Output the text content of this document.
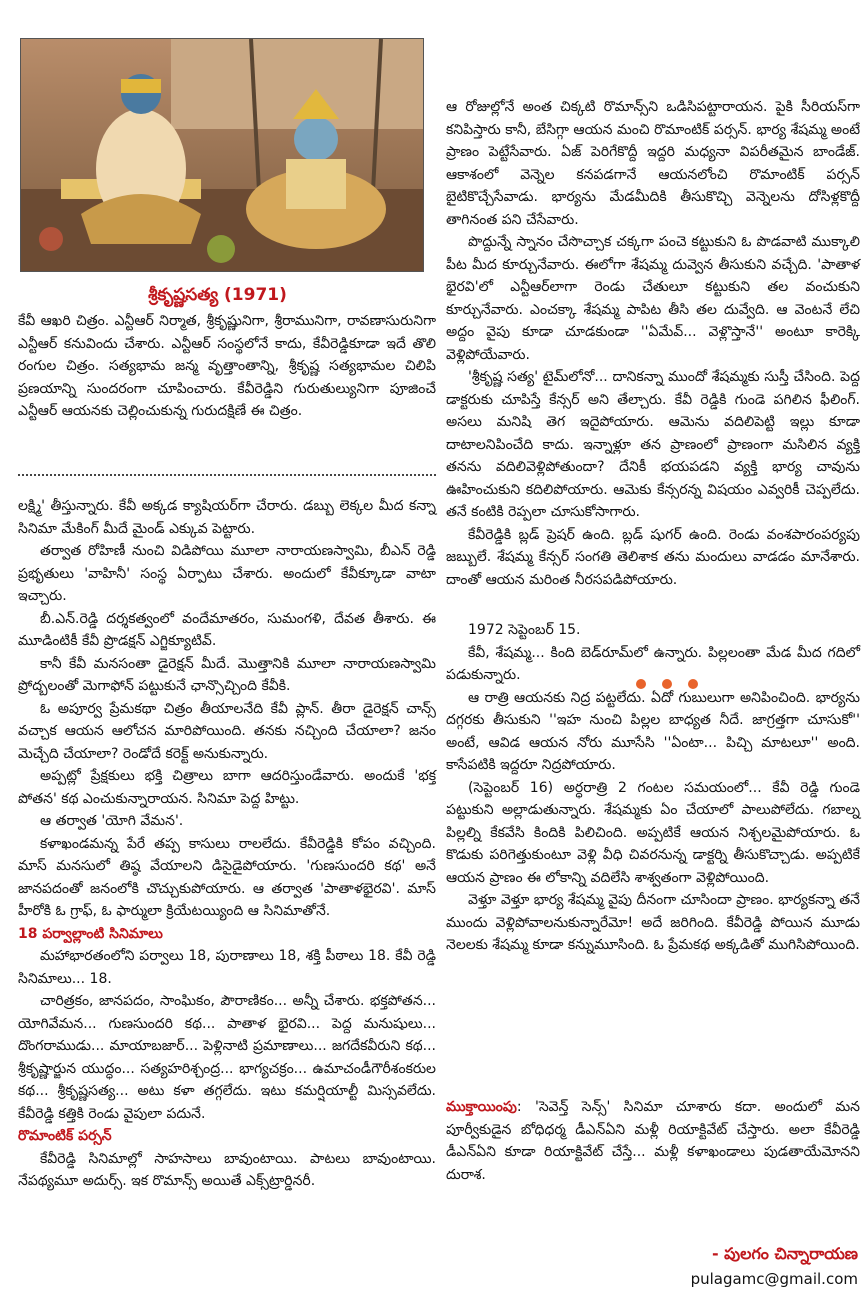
శ్రీకృష్ణసత్య (1971)

కేవీ ఆఖరి చిత్రం. ఎన్టీఆర్ నిర్మాత, శ్రీకృష్ణునిగా, శ్రీరామునిగా, రావణాసురునిగా ఎన్టీఆర్ కనువిందు చేశారు. ఎన్టీఆర్ సంస్థలోనే కాదు, కేవీరెడ్డికూడా ఇదే తొలి రంగుల చిత్రం. సత్యభామ జన్మ వృత్తాంతాన్ని, శ్రీకృష్ణ సత్యభామల చిలిపి ప్రణయాన్ని సుందరంగా చూపించారు. కేవీరెడ్డిని గురుతుల్యునిగా పూజించే ఎన్టీఆర్ ఆయనకు చెల్లించుకున్న గురుదక్షిణే ఈ చిత్రం.

లక్ష్మి' తీస్తున్నారు. కేవీ అక్కడ క్యాషియర్‌గా చేరారు. డబ్బు లెక్కల మీద కన్నా సినిమా మేకింగ్ మీదే మైండ్ ఎక్కువ పెట్టారు.

తర్వాత రోహిణీ నుంచి విడిపోయి మూలా నారాయణస్వామి, బీఎన్ రెడ్డి ప్రభృతులు 'వాహినీ' సంస్థ ఏర్పాటు చేశారు. అందులో కేవీక్కూడా వాటా ఇచ్చారు.

బీ.ఎన్.రెడ్డి దర్శకత్వంలో వందేమాతరం, సుమంగళి, దేవత తీశారు. ఈ మూడింటికీ కేవీ ప్రొడక్షన్ ఎగ్జిక్యూటివ్.

కానీ కేవీ మనసంతా డైరెక్షన్ మీదే. మొత్తానికి మూలా నారాయణస్వామి ప్రోద్బలంతో మెగాఫోన్ పట్టుకునే ఛాన్సొచ్చింది కేవీకి.

ఓ అపూర్వ ప్రేమకథా చిత్రం తీయాలనేది కేవీ ప్లాన్. తీరా డైరెక్షన్ చాన్స్ వచ్చాక ఆయన ఆలోచన మారిపోయింది. తనకు నచ్చింది చేయాలా? జనం మెచ్చేది చేయాలా? రెండోదే కరెక్ట్ అనుకున్నారు.

అప్పట్లో ప్రేక్షకులు భక్తి చిత్రాలు బాగా ఆదరిస్తుండేవారు. అందుకే 'భక్త పోతన' కథ ఎంచుకున్నారాయన. సినిమా పెద్ద హిట్టు.

ఆ తర్వాత 'యోగి వేమన'.

కళాఖండమన్న పేరే తప్ప కాసులు రాలలేదు. కేవీరెడ్డికి కోపం వచ్చింది. మాస్ మనసులో తిష్ఠ వేయాలని డిసైడైపోయారు. 'గుణసుందరి కథ' అనే జానపదంతో జనంలోకి చొచ్చుకుపోయారు. ఆ తర్వాత 'పాతాళభైరవి'. మాస్ హీరోకి ఓ గ్రాఫ్, ఓ ఫార్ములా క్రియేటయ్యింది ఆ సినిమాతోనే.

18 పర్వాల్లాంటి సినిమాలు

మహాభారతంలోని పర్వాలు 18, పురాణాలు 18, శక్తి పీఠాలు 18. కేవీ రెడ్డి సినిమాలు... 18.

చారిత్రకం, జానపదం, సాంఘికం, పౌరాణికం... అన్నీ చేశారు. భక్తపోతన... యోగివేమన... గుణసుందరి కథ... పాతాళ భైరవి... పెద్ద మనుషులు... దొంగరాముడు... మాయాబజార్... పెళ్లినాటి ప్రమాణాలు... జగదేకవీరుని కథ... శ్రీకృష్ణార్జున యుద్ధం... సత్యహరిశ్చంద్ర... భాగ్యచక్రం... ఉమాచండీగౌరీశంకరుల కథ... శ్రీకృష్ణసత్య... అటు కళా తగ్గలేదు. ఇటు కమర్షియాల్టీ మిస్సవలేదు. కేవీరెడ్డి కత్తికి రెండు వైపులా పదునే.

రొమాంటిక్ పర్సన్

కేవీరెడ్డి సినిమాల్లో సాహసాలు బావుంటాయి. పాటలు బావుంటాయి. నేపథ్యమూ అదుర్స్. ఇక రొమాన్స్ అయితే ఎక్స్‌ట్రార్డినరీ.

ఆ రోజుల్లోనే అంత చిక్కటి రొమాన్స్‌ని ఒడిసిపట్టారాయన. పైకి సీరియస్‌గా కనిపిస్తారు కానీ, బేసిగ్గా ఆయన మంచి రొమాంటిక్ పర్సన్. భార్య శేషమ్మ అంటే ప్రాణం పెట్టేసేవారు. ఏజ్ పెరిగేకొద్దీ ఇద్దరి మధ్యనా విపరీతమైన బాండేజ్. ఆకాశంలో వెన్నెల కనపడగానే ఆయనలోంచి రొమాంటిక్ పర్సన్ బైటికొచ్చేసేవాడు. భార్యను మేడమీదికి తీసుకొచ్చి వెన్నెలను దోసిళ్లకొద్దీ తాగినంత పని చేసేవారు.

పొద్దున్నే స్నానం చేసొచ్చాక చక్కగా పంచె కట్టుకుని ఓ పొడవాటి ముక్కాలి పీట మీద కూర్చునేవారు. ఈలోగా శేషమ్మ దువ్వెన తీసుకుని వచ్చేది. 'పాతాళ భైరవి'లో ఎన్టీఆర్‌లాగా రెండు చేతులూ కట్టుకుని తల వంచుకుని కూర్చునేవారు. ఎంచక్కా శేషమ్మ పాపిట తీసి తల దువ్వేది. ఆ వెంటనే లేచి అద్దం వైపు కూడా చూడకుండా ''ఏమేవ్... వెళ్లొస్తానే'' అంటూ కారెక్కి వెళ్లిపోయేవారు.

'శ్రీకృష్ణ సత్య' టైమ్‌లోనో... దానికన్నా ముందో శేషమ్మకు సుస్తీ చేసింది. పెద్ద డాక్టరుకు చూపిస్తే కేన్సర్ అని తేల్చారు. కేవీ రెడ్డికి గుండె పగిలిన ఫీలింగ్. అసలు మనిషి తెగ ఇదైపోయారు. ఆమెను వదిలిపెట్టి ఇల్లు కూడా దాటాలనిపించేది కాదు. ఇన్నాళ్లూ తన ప్రాణంలో ప్రాణంగా మసిలిన వ్యక్తి తనను వదిలివెళ్లిపోతుందా? దేనికీ భయపడని వ్యక్తి భార్య చావును ఊహించుకుని కదిలిపోయారు. ఆమెకు కేన్సరన్న విషయం ఎవ్వరికీ చెప్పలేదు. తనే కంటికి రెప్పలా చూసుకోసాగారు.

కేవీరెడ్డికి బ్లడ్ ప్రెషర్ ఉంది. బ్లడ్ షుగర్ ఉంది. రెండు వంశపారంపర్యపు జబ్బులే. శేషమ్మ కేన్సర్ సంగతి తెలిశాక తను మందులు వాడడం మానేశారు. దాంతో ఆయన మరింత నీరసపడిపోయారు.

1972 సెప్టెంబర్ 15.

కేవీ, శేషమ్మ... కింది బెడ్‌రూమ్‌లో ఉన్నారు. పిల్లలంతా మేడ మీద గదిలో పడుకున్నారు.

ఆ రాత్రి ఆయనకు నిద్ర పట్టలేదు. ఏదో గుబులుగా అనిపించింది. భార్యను దగ్గరకు తీసుకుని ''ఇహ నుంచి పిల్లల బాధ్యత నీదే. జాగ్రత్తగా చూసుకో'' అంటే, ఆవిడ ఆయన నోరు మూసేసి ''ఏంటా... పిచ్చి మాటలూ'' అంది. కాసేపటికి ఇద్దరూ నిద్రపోయారు.

(సెప్టెంబర్ 16) అర్ధరాత్రి 2 గంటల సమయంలో... కేవీ రెడ్డి గుండె పట్టుకుని అల్లాడుతున్నారు. శేషమ్మకు ఏం చేయాలో పాలుపోలేదు. గబాల్న పిల్లల్ని కేకవేసి కిందికి పిలిచింది. అప్పటికే ఆయన నిశ్చలమైపోయారు. ఓ కొడుకు పరిగెత్తుకుంటూ వెళ్లి వీధి చివరనున్న డాక్టర్ని తీసుకొచ్చాడు. అప్పటికే ఆయన ప్రాణం ఈ లోకాన్ని వదిలేసి శాశ్వతంగా వెళ్లిపోయింది.

వెళ్తూ వెళ్తూ భార్య శేషమ్మ వైపు దీనంగా చూసిందా ప్రాణం. భార్యకన్నా తనే ముందు వెళ్లిపోవాలనుకున్నారేమో! అదే జరిగింది. కేవీరెడ్డి పోయిన మూడు నెలలకు శేషమ్మ కూడా కన్నుమూసింది. ఓ ప్రేమకథ అక్కడితో ముగిసిపోయింది.

ముక్తాయింపు: 'సెవెన్త్ సెన్స్' సినిమా చూశారు కదా. అందులో మన పూర్వీకుడైన బోధిధర్మ డీఎన్ఏని మళ్లీ రియాక్టివేట్ చేస్తారు. అలా కేవీరెడ్డి డీఎన్ఏని కూడా రియాక్టివేట్ చేస్తే... మళ్లీ కళాఖండాలు పుడతాయేమోనని దురాశ.
- పులగం చిన్నారాయణ
pulagamc@gmail.com
